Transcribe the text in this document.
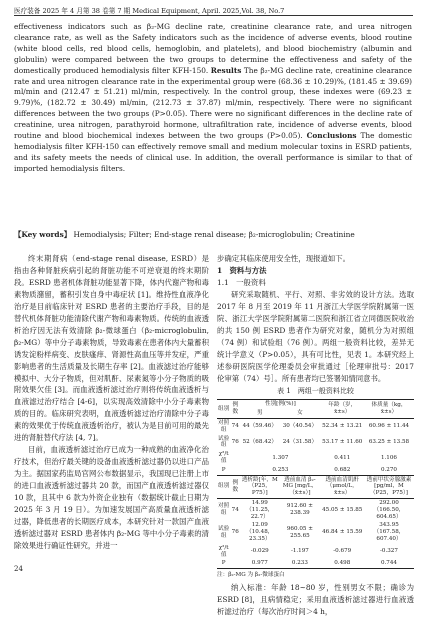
医疗装备 2025 年 4 月第 38 卷第 7 期 Medical Equipment, April. 2025,Vol. 38, No.7
effectiveness indicators such as β₂-MG decline rate, creatinine clearance rate, and urea nitrogen clearance rate, as well as the Safety indicators such as the incidence of adverse events, blood routine (white blood cells, red blood cells, hemoglobin, and platelets), and blood biochemistry (albumin and globulin) were compared between the two groups to determine the effectiveness and safety of the domestically produced hemodialysis filter KFH-150. Results The β₂-MG decline rate, creatinine clearance rate and urea nitrogen clearance rate in the experimental group were (68.36 ± 10.29)%, (181.45 ± 39.69) ml/min and (212.47 ± 51.21) ml/min, respectively. In the control group, these indexes were (69.23 ± 9.79)%, (182.72 ± 30.49) ml/min, (212.73 ± 37.87) ml/min, respectively. There were no significant differences between the two groups (P>0.05). There were no significant differences in the decline rate of creatinine, urea nitrogen, parathyroid hormone, ultrafiltration rate, incidence of adverse events, blood routine and blood biochemical indexes between the two groups (P>0.05). Conclusions The domestic hemodialysis filter KFH-150 can effectively remove small and medium molecular toxins in ESRD patients, and its safety meets the needs of clinical use. In addition, the overall performance is similar to that of imported hemodialysis filters.
【Key words】 Hemodialysis; Filter; End-stage renal disease; β₂-microglobulin; Creatinine

终末期肾病（end-stage renal disease, ESRD）是指由各种肾脏疾病引起的肾脏功能不可逆衰退的终末期阶段。ESRD 患者机体肾脏功能显著下降，体内代谢产物和毒素物质潴留，蓄积引发自身中毒症状 [1]。维持性血液净化治疗是目前临床针对 ESRD 患者的主要治疗手段，目的是替代机体肾脏功能清除代谢产物和毒素物质。传统的血液透析治疗因无法有效清除 β₂-微球蛋白（β₂-microglobulin, β₂-MG）等中分子毒素物质，导致毒素在患者体内大量蓄积诱发淀粉样病变、皮肤瘙痒、肾源性高血压等并发症，严重影响患者的生活质量及长期生存率 [2]。血液滤过治疗能够模拟中、大分子物质，但对肌酐、尿素氮等小分子物质的吸附效果欠佳 [3]。而血液透析滤过治疗则将传统血液透析与血液滤过治疗结合 [4-6]，以实现高效清除中小分子毒素物质的目的。临床研究表明，血液透析滤过治疗清除中分子毒素的效果优于传统血液透析治疗，被认为是目前可用的最先进的肾脏替代疗法 [4, 7]。

目前，血液透析滤过治疗已成为一种成熟的血液净化治疗技术，但治疗最关键的设备血液透析滤过器仍以进口产品为主。据国家药监局官网公布数据显示，我国现已注册上市的进口血液透析滤过器共 20 款，而国产血液透析滤过器仅 10 款，且其中 6 款为外资企业独有（数据统计截止日期为 2025 年 3 月 19 日）。为加速发展国产高质量血液透析滤过器，降低患者的长期医疗成本，本研究针对一款国产血液透析滤过器对 ESRD 患者体内 β₂-MG 等中小分子毒素的清除效果进行确证性研究，并进一

步确定其临床使用安全性，现报道如下。

1　资料与方法

1.1　一般资料

研究采取随机、平行、对照、非劣效的设计方法。选取 2017 年 8 月至 2019 年 11 月浙江大学医学院附属第一医院、浙江大学医学院附属第二医院和浙江省立同德医院收治的共 150 例 ESRD 患者作为研究对象，随机分为对照组（74 例）和试验组（76 例）。两组一般资料比较，差异无统计学意义（P>0.05），具有可比性，见表 1。本研究经上述参研医院医学伦理委员会审批通过［伦理审批号：2017 伦审第（74）号］。所有患者均已签署知情同意书。

表 1　两组一般资料比较
组别	例数	性别[例(%)]		年龄（岁，x̄±s）	体质量（kg，x̄±s）
		男	女		
对照组	74	44（59.46）	30（40.54）	52.34 ± 13.21	60.96 ± 11.44
试验组	76	52（68.42）	24（31.58）	53.17 ± 11.60	63.25 ± 13.58
χ²/t值		1.307		0.411	1.106
P		0.253		0.682	0.270
组别	例数	透析龄[年，M（P25，P75）]	透前血清 β₂-MG [mg/L，（x̄±s）]	透前血清肌酐（μmol/L，x̄±s）	透前甲状旁腺激素[pg/ml，M（P25，P75）]
对照组	74	14.99（11.25，22.7）	912.60 ± 238.39	45.05 ± 15.85	292.00（166.50，604.65）
试验组	76	12.09（10.48，23.35）	960.05 ± 255.65	46.84 ± 15.59	343.95（167.58，607.40）
χ²/t值		-0.029	-1.197	-0.679	-0.327
P		0.977	0.233	0.498	0.744
注：β₂-MG 为 β₂-微球蛋白

纳入标准：年龄 18~80 岁，性别男女不限；确诊为 ESRD [8]，且病情稳定；采用血液透析滤过器进行血液透析滤过治疗（每次治疗时间＞4 h，

24
